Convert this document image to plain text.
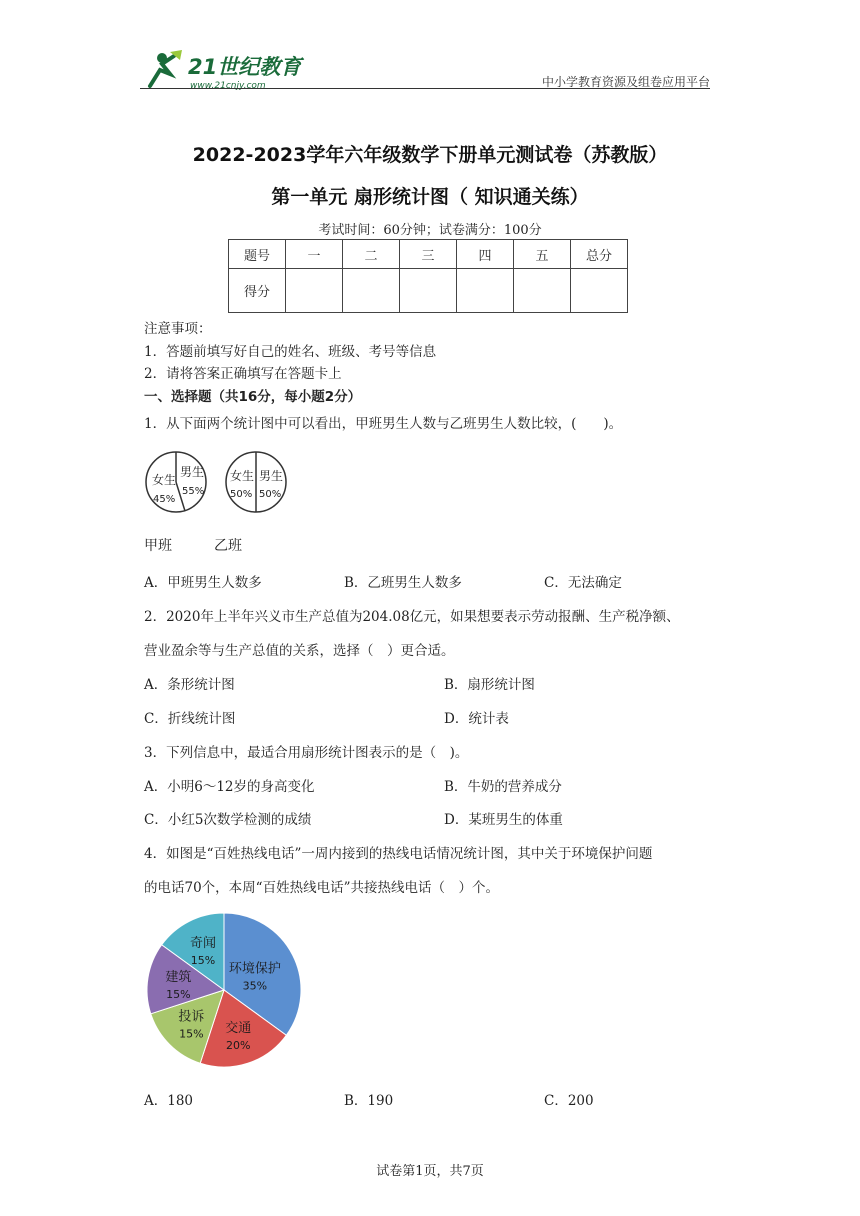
21世纪教育
www.21cnjy.com	中小学教育资源及组卷应用平台
2022-2023学年六年级数学下册单元测试卷（苏教版）
第一单元 扇形统计图（ 知识通关练）
考试时间：60分钟；试卷满分：100分
题号	一	二	三	四	五	总分
得分						
注意事项：
1．答题前填写好自己的姓名、班级、考号等信息
2．请将答案正确填写在答题卡上
一、选择题（共16分，每小题2分）
1．从下面两个统计图中可以看出，甲班男生人数与乙班男生人数比较，(　　)。
女生
45%
男生
55%
女生
50%
男生
50%
甲班	乙班
A．甲班男生人数多	B．乙班男生人数多	C．无法确定
2．2020年上半年兴义市生产总值为204.08亿元，如果想要表示劳动报酬、生产税净额、
营业盈余等与生产总值的关系，选择（　）更合适。
A．条形统计图	B．扇形统计图
C．折线统计图	D．统计表
3．下列信息中，最适合用扇形统计图表示的是（　)。
A．小明6～12岁的身高变化	B．牛奶的营养成分
C．小红5次数学检测的成绩	D．某班男生的体重
4．如图是“百姓热线电话”一周内接到的热线电话情况统计图，其中关于环境保护问题
的电话70个，本周“百姓热线电话”共接热线电话（　）个。
环境保护
35%
交通
20%
投诉
15%
建筑
15%
奇闻
15%
A．180	B．190	C．200
试卷第1页，共7页
